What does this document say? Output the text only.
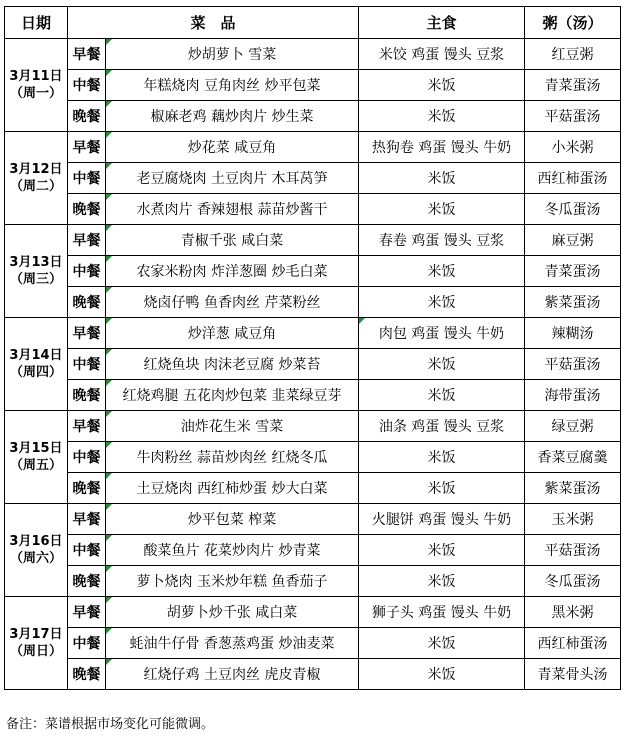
日期	菜　品		主食	粥（汤）

3月11日
（周一）	早餐	炒胡萝卜 雪菜	米饺 鸡蛋 馒头 豆浆	红豆粥
	中餐	年糕烧肉 豆角肉丝 炒平包菜	米饭	青菜蛋汤
	晚餐	椒麻老鸡 藕炒肉片 炒生菜	米饭	平菇蛋汤

3月12日
（周二）	早餐	炒花菜 咸豆角	热狗卷 鸡蛋 馒头 牛奶	小米粥
	中餐	老豆腐烧肉 土豆肉片 木耳莴笋	米饭	西红柿蛋汤
	晚餐	水煮肉片 香辣翅根 蒜苗炒酱干	米饭	冬瓜蛋汤

3月13日
（周三）	早餐	青椒千张 咸白菜	春卷 鸡蛋 馒头 豆浆	麻豆粥
	中餐	农家米粉肉 炸洋葱圈 炒毛白菜	米饭	青菜蛋汤
	晚餐	烧卤仔鸭 鱼香肉丝 芹菜粉丝	米饭	紫菜蛋汤

3月14日
（周四）	早餐	炒洋葱 咸豆角	肉包 鸡蛋 馒头 牛奶	辣糊汤
	中餐	红烧鱼块 肉沫老豆腐 炒菜苔	米饭	平菇蛋汤
	晚餐	红烧鸡腿 五花肉炒包菜 韭菜绿豆芽	米饭	海带蛋汤

3月15日
（周五）	早餐	油炸花生米 雪菜	油条 鸡蛋 馒头 豆浆	绿豆粥
	中餐	牛肉粉丝 蒜苗炒肉丝 红烧冬瓜	米饭	香菜豆腐羹
	晚餐	土豆烧肉 西红柿炒蛋 炒大白菜	米饭	紫菜蛋汤

3月16日
（周六）	早餐	炒平包菜 榨菜	火腿饼 鸡蛋 馒头 牛奶	玉米粥
	中餐	酸菜鱼片 花菜炒肉片 炒青菜	米饭	平菇蛋汤
	晚餐	萝卜烧肉 玉米炒年糕 鱼香茄子	米饭	冬瓜蛋汤

3月17日
（周日）	早餐	胡萝卜炒千张 咸白菜	狮子头 鸡蛋 馒头 牛奶	黑米粥
	中餐	蚝油牛仔骨 香葱蒸鸡蛋 炒油麦菜	米饭	西红柿蛋汤
	晚餐	红烧仔鸡 土豆肉丝 虎皮青椒	米饭	青菜骨头汤
备注：菜谱根据市场变化可能微调。
